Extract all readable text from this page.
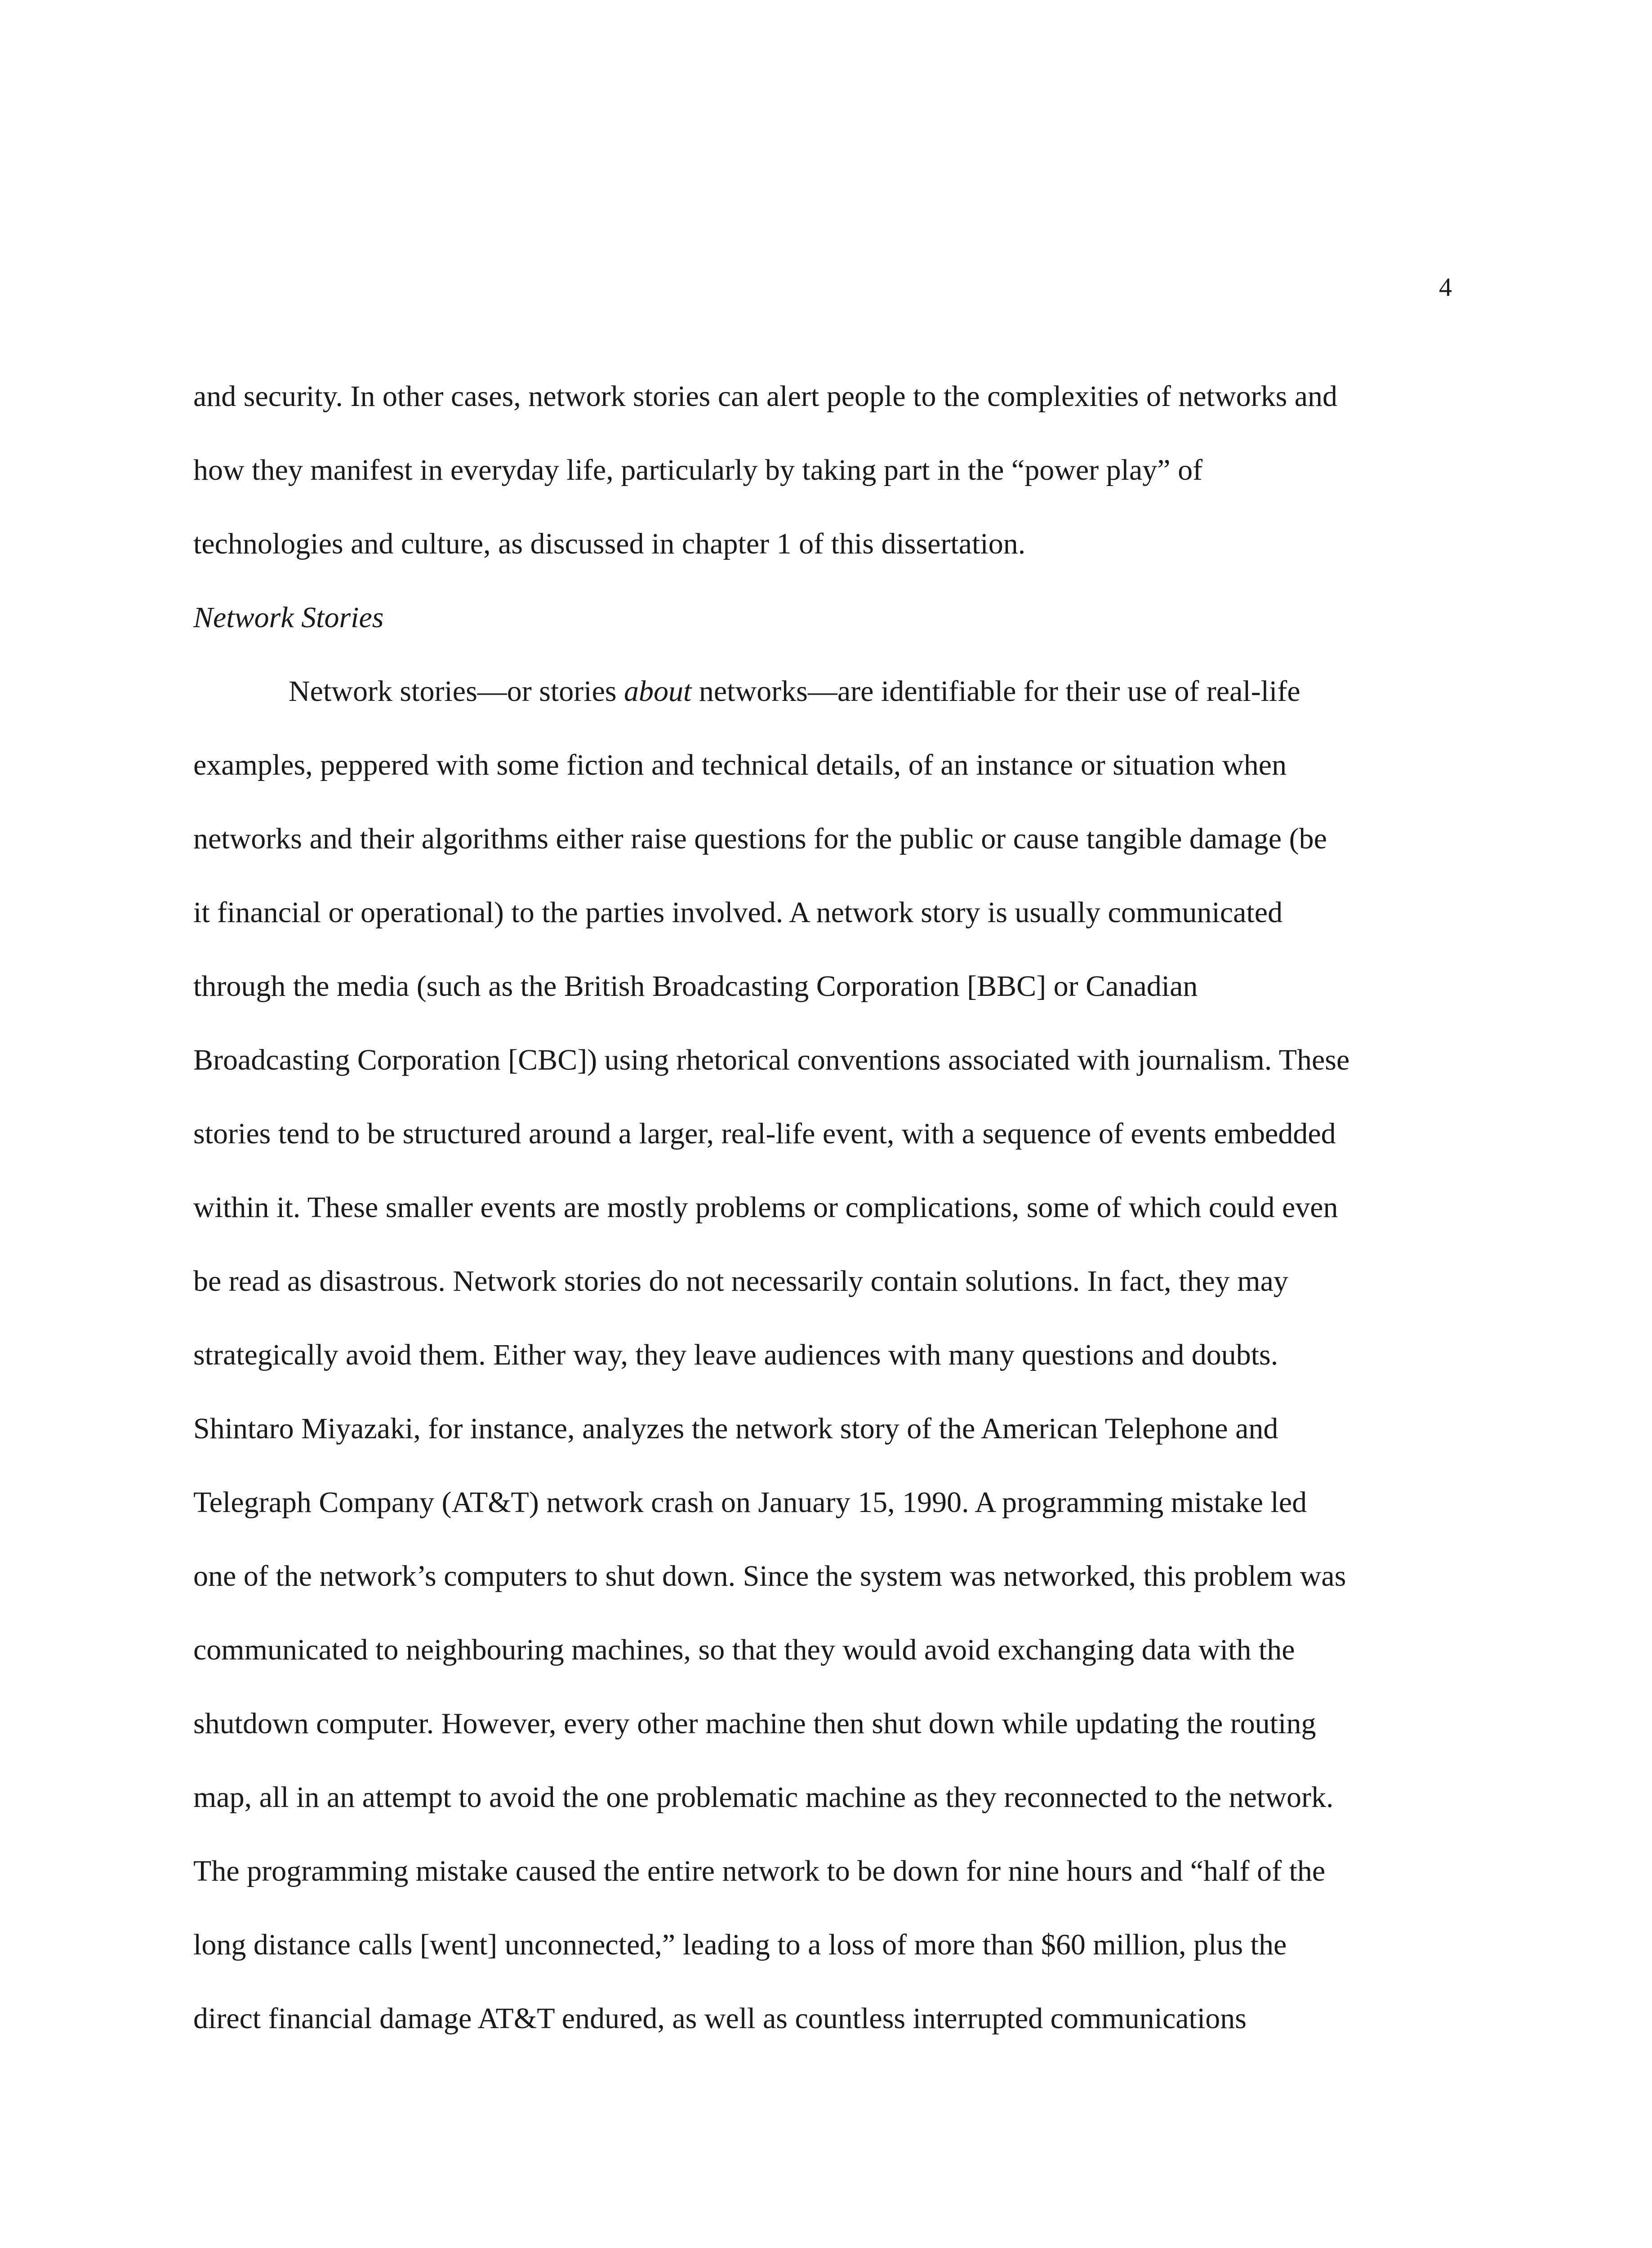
4
and security. In other cases, network stories can alert people to the complexities of networks and
how they manifest in everyday life, particularly by taking part in the “power play” of
technologies and culture, as discussed in chapter 1 of this dissertation.
Network Stories
Network stories—or stories about networks—are identifiable for their use of real-life
examples, peppered with some fiction and technical details, of an instance or situation when
networks and their algorithms either raise questions for the public or cause tangible damage (be
it financial or operational) to the parties involved. A network story is usually communicated
through the media (such as the British Broadcasting Corporation [BBC] or Canadian
Broadcasting Corporation [CBC]) using rhetorical conventions associated with journalism. These
stories tend to be structured around a larger, real-life event, with a sequence of events embedded
within it. These smaller events are mostly problems or complications, some of which could even
be read as disastrous. Network stories do not necessarily contain solutions. In fact, they may
strategically avoid them. Either way, they leave audiences with many questions and doubts.
Shintaro Miyazaki, for instance, analyzes the network story of the American Telephone and
Telegraph Company (AT&T) network crash on January 15, 1990. A programming mistake led
one of the network’s computers to shut down. Since the system was networked, this problem was
communicated to neighbouring machines, so that they would avoid exchanging data with the
shutdown computer. However, every other machine then shut down while updating the routing
map, all in an attempt to avoid the one problematic machine as they reconnected to the network.
The programming mistake caused the entire network to be down for nine hours and “half of the
long distance calls [went] unconnected,” leading to a loss of more than $60 million, plus the
direct financial damage AT&T endured, as well as countless interrupted communications
